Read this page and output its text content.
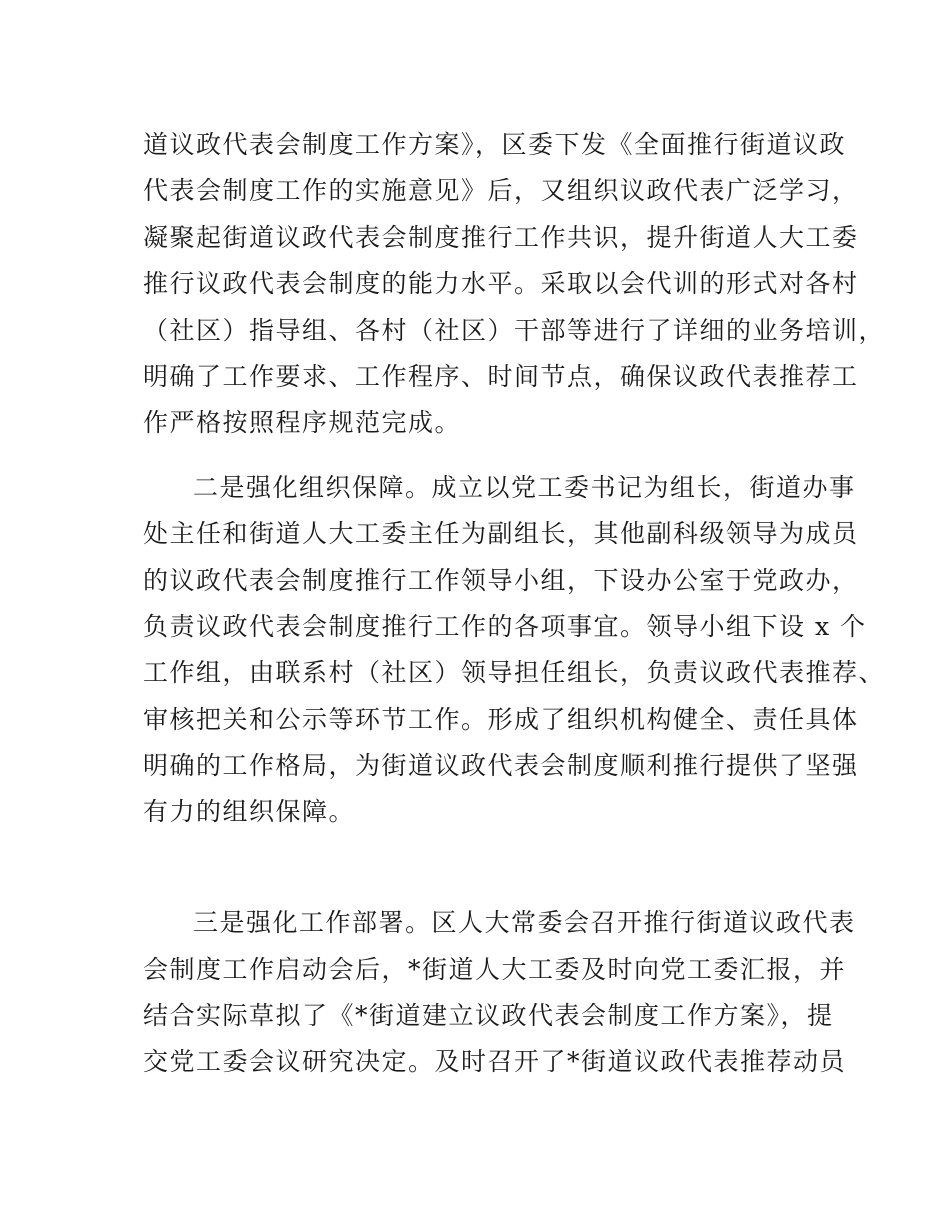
道议政代表会制度工作方案》，区委下发《全面推行街道议政
代表会制度工作的实施意见》后，又组织议政代表广泛学习，
凝聚起街道议政代表会制度推行工作共识，提升街道人大工委
推行议政代表会制度的能力水平。采取以会代训的形式对各村
（社区）指导组、各村（社区）干部等进行了详细的业务培训，
明确了工作要求、工作程序、时间节点，确保议政代表推荐工
作严格按照程序规范完成。
二是强化组织保障。成立以党工委书记为组长，街道办事
处主任和街道人大工委主任为副组长，其他副科级领导为成员
的议政代表会制度推行工作领导小组，下设办公室于党政办，
负责议政代表会制度推行工作的各项事宜。领导小组下设 x 个
工作组，由联系村（社区）领导担任组长，负责议政代表推荐、
审核把关和公示等环节工作。形成了组织机构健全、责任具体
明确的工作格局，为街道议政代表会制度顺利推行提供了坚强
有力的组织保障。
三是强化工作部署。区人大常委会召开推行街道议政代表
会制度工作启动会后，*街道人大工委及时向党工委汇报，并
结合实际草拟了《*街道建立议政代表会制度工作方案》，提
交党工委会议研究决定。及时召开了*街道议政代表推荐动员
